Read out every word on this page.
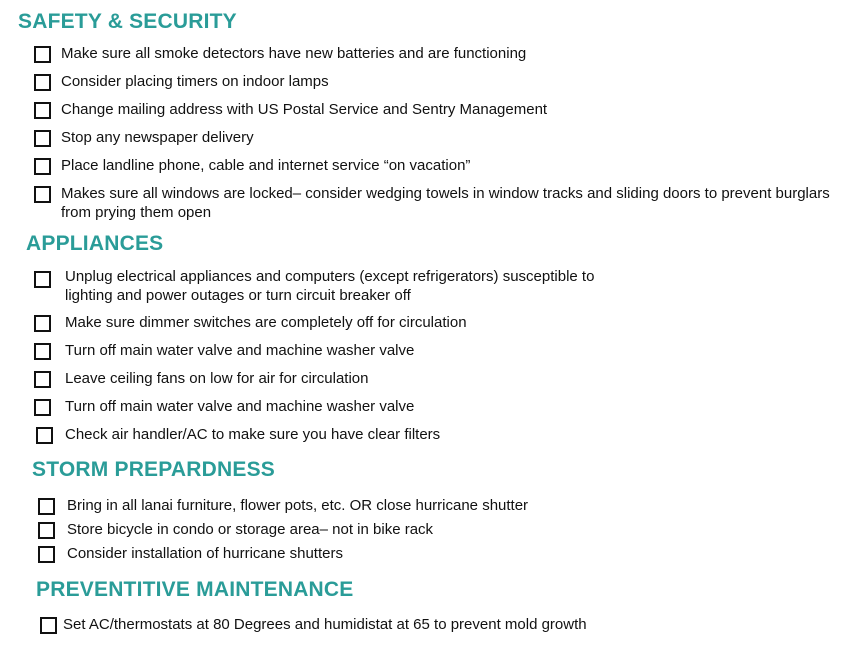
SAFETY & SECURITY
Make sure all smoke detectors have new batteries and are functioning
Consider placing timers on indoor lamps
Change mailing address with US Postal Service and Sentry Management
Stop any newspaper delivery
Place landline phone, cable and internet service “on vacation”
Makes sure all windows are locked– consider wedging towels in window tracks and sliding doors to prevent burglars from prying them open
APPLIANCES
Unplug electrical appliances and computers (except refrigerators) susceptible to lighting and power outages or turn circuit breaker off
Make sure dimmer switches are completely off for circulation
Turn off main water valve and machine washer valve
Leave ceiling fans on low for air for circulation
Turn off main water valve and machine washer valve
Check air handler/AC to make sure you have clear filters
STORM PREPARDNESS
Bring in all lanai furniture, flower pots, etc. OR close hurricane shutter
Store bicycle in condo or storage area– not in bike rack
Consider installation of hurricane shutters
PREVENTITIVE MAINTENANCE
Set AC/thermostats at 80 Degrees and humidistat at 65 to prevent mold growth
